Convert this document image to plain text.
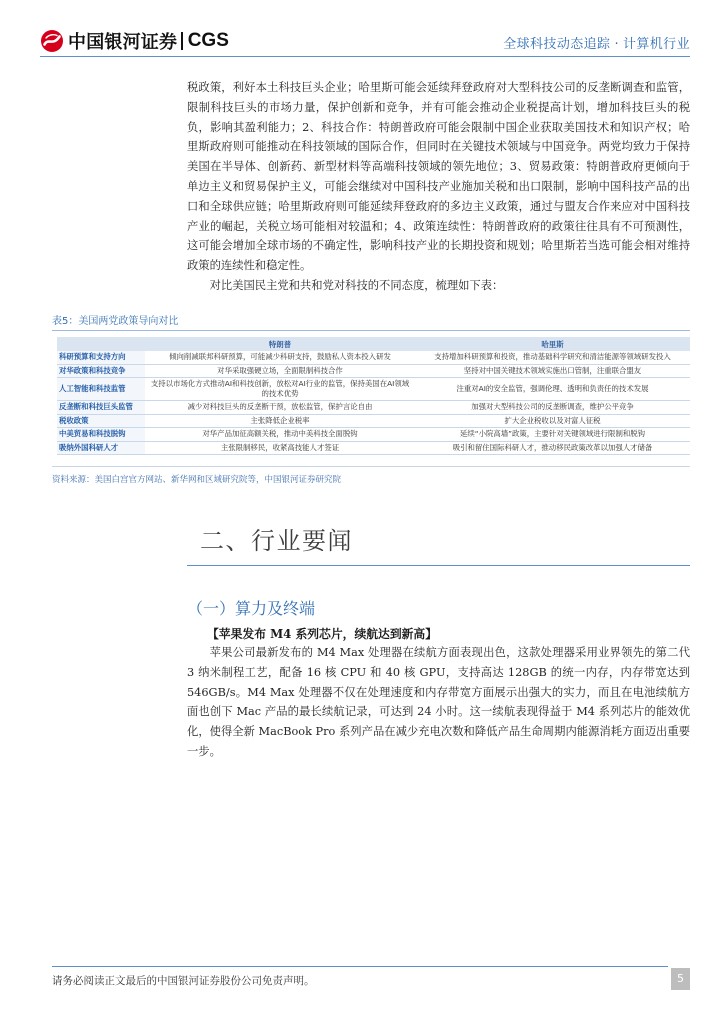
中国银河证券 CGS	全球科技动态追踪 · 计算机行业

税政策，利好本土科技巨头企业；哈里斯可能会延续拜登政府对大型科技公司的反垄断调查和监管，限制科技巨头的市场力量，保护创新和竞争，并有可能会推动企业税提高计划，增加科技巨头的税负，影响其盈利能力；2、科技合作：特朗普政府可能会限制中国企业获取美国技术和知识产权；哈里斯政府则可能推动在科技领域的国际合作，但同时在关键技术领域与中国竞争。两党均致力于保持美国在半导体、创新药、新型材料等高端科技领域的领先地位；3、贸易政策：特朗普政府更倾向于单边主义和贸易保护主义，可能会继续对中国科技产业施加关税和出口限制，影响中国科技产品的出口和全球供应链；哈里斯政府则可能延续拜登政府的多边主义政策，通过与盟友合作来应对中国科技产业的崛起，关税立场可能相对较温和；4、政策连续性：特朗普政府的政策往往具有不可预测性，这可能会增加全球市场的不确定性，影响科技产业的长期投资和规划；哈里斯若当选可能会相对维持政策的连续性和稳定性。

对比美国民主党和共和党对科技的不同态度，梳理如下表：

表5：美国两党政策导向对比
	特朗普	哈里斯
科研预算和支持方向	倾向削减联邦科研预算，可能减少科研支持，鼓励私人资本投入研发	支持增加科研预算和投资，推动基础科学研究和清洁能源等领域研发投入
对华政策和科技竞争	对华采取强硬立场，全面限制科技合作	坚持对中国关键技术领域实施出口管制，注重联合盟友
人工智能和科技监管	支持以市场化方式推动AI和科技创新，放松对AI行业的监管，保持美国在AI领域的技术优势	注重对AI的安全监管，强调伦理、透明和负责任的技术发展
反垄断和科技巨头监管	减少对科技巨头的反垄断干预，放松监管，保护言论自由	加强对大型科技公司的反垄断调查，维护公平竞争
税收政策	主张降低企业税率	扩大企业税收以及对富人征税
中美贸易和科技脱钩	对华产品加征高额关税，推动中美科技全面脱钩	延续“小院高墙”政策，主要针对关键领域进行限制和脱钩
吸纳外国科研人才	主张限制移民，收紧高技能人才签证	吸引和留住国际科研人才，推动移民政策改革以加强人才储备
资料来源：美国白宫官方网站、新华网和区域研究院等，中国银河证券研究院
二、行业要闻
（一）算力及终端
【苹果发布 M4 系列芯片，续航达到新高】

苹果公司最新发布的 M4 Max 处理器在续航方面表现出色，这款处理器采用业界领先的第二代 3 纳米制程工艺，配备 16 核 CPU 和 40 核 GPU，支持高达 128GB 的统一内存，内存带宽达到 546GB/s。M4 Max 处理器不仅在处理速度和内存带宽方面展示出强大的实力，而且在电池续航方面也创下 Mac 产品的最长续航记录，可达到 24 小时。这一续航表现得益于 M4 系列芯片的能效优化，使得全新 MacBook Pro 系列产品在减少充电次数和降低产品生命周期内能源消耗方面迈出重要一步。

请务必阅读正文最后的中国银河证券股份公司免责声明。	5
